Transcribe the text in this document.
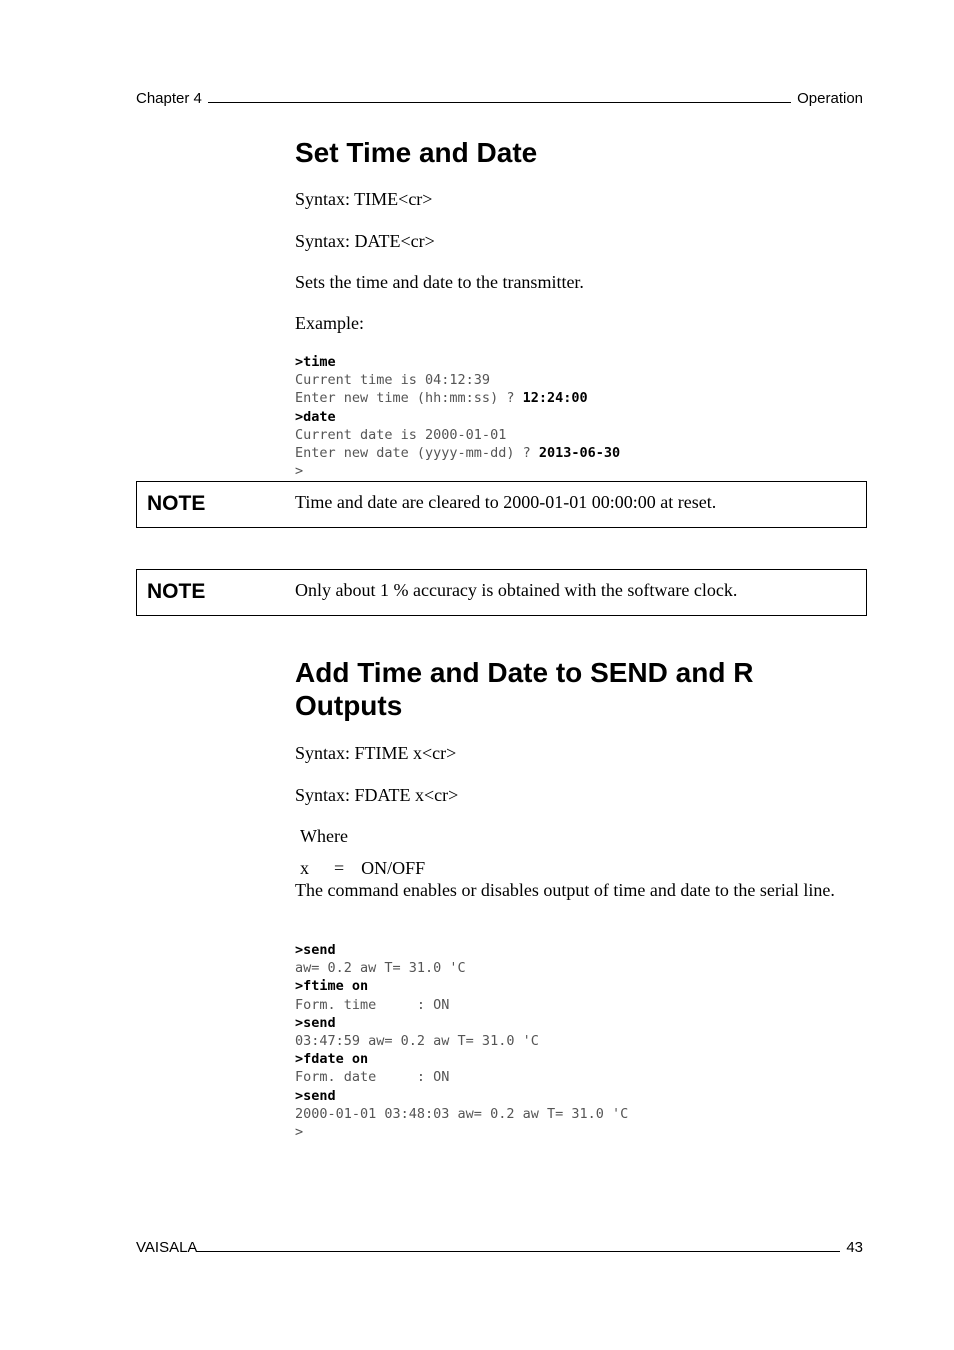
Chapter 4	Operation
Set Time and Date
Syntax: TIME<cr>
Syntax: DATE<cr>
Sets the time and date to the transmitter.
Example:
>time
Current time is 04:12:39
Enter new time (hh:mm:ss) ? 12:24:00
>date
Current date is 2000-01-01
Enter new date (yyyy-mm-dd) ? 2013-06-30
>
NOTE	Time and date are cleared to 2000-01-01 00:00:00 at reset.
NOTE	Only about 1 % accuracy is obtained with the software clock.
Add Time and Date to SEND and R
Outputs
Syntax: FTIME x<cr>
Syntax: FDATE x<cr>
Where
x = ON/OFF
The command enables or disables output of time and date to the serial line.
>send
aw= 0.2 aw T= 31.0 'C
>ftime on
Form. time     : ON
>send
03:47:59 aw= 0.2 aw T= 31.0 'C
>fdate on
Form. date     : ON
>send
2000-01-01 03:48:03 aw= 0.2 aw T= 31.0 'C
>
VAISALA	43
